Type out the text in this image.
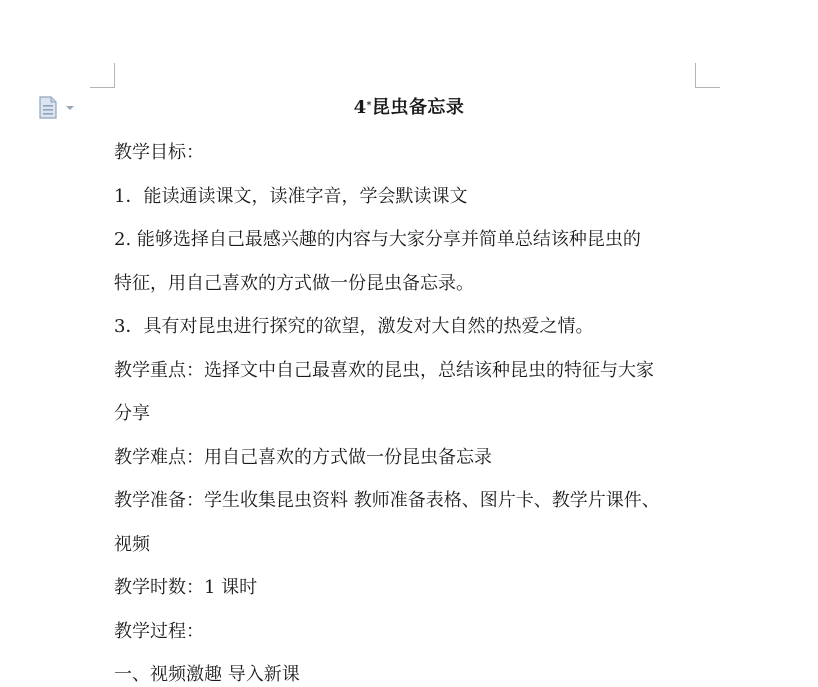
4*昆虫备忘录

教学目标：

1．能读通读课文，读准字音，学会默读课文

2. 能够选择自己最感兴趣的内容与大家分享并简单总结该种昆虫的

特征，用自己喜欢的方式做一份昆虫备忘录。

3．具有对昆虫进行探究的欲望，激发对大自然的热爱之情。

教学重点：选择文中自己最喜欢的昆虫，总结该种昆虫的特征与大家

分享

教学难点：用自己喜欢的方式做一份昆虫备忘录

教学准备：学生收集昆虫资料 教师准备表格、图片卡、教学片课件、

视频

教学时数：1 课时

教学过程：

一、视频激趣 导入新课
